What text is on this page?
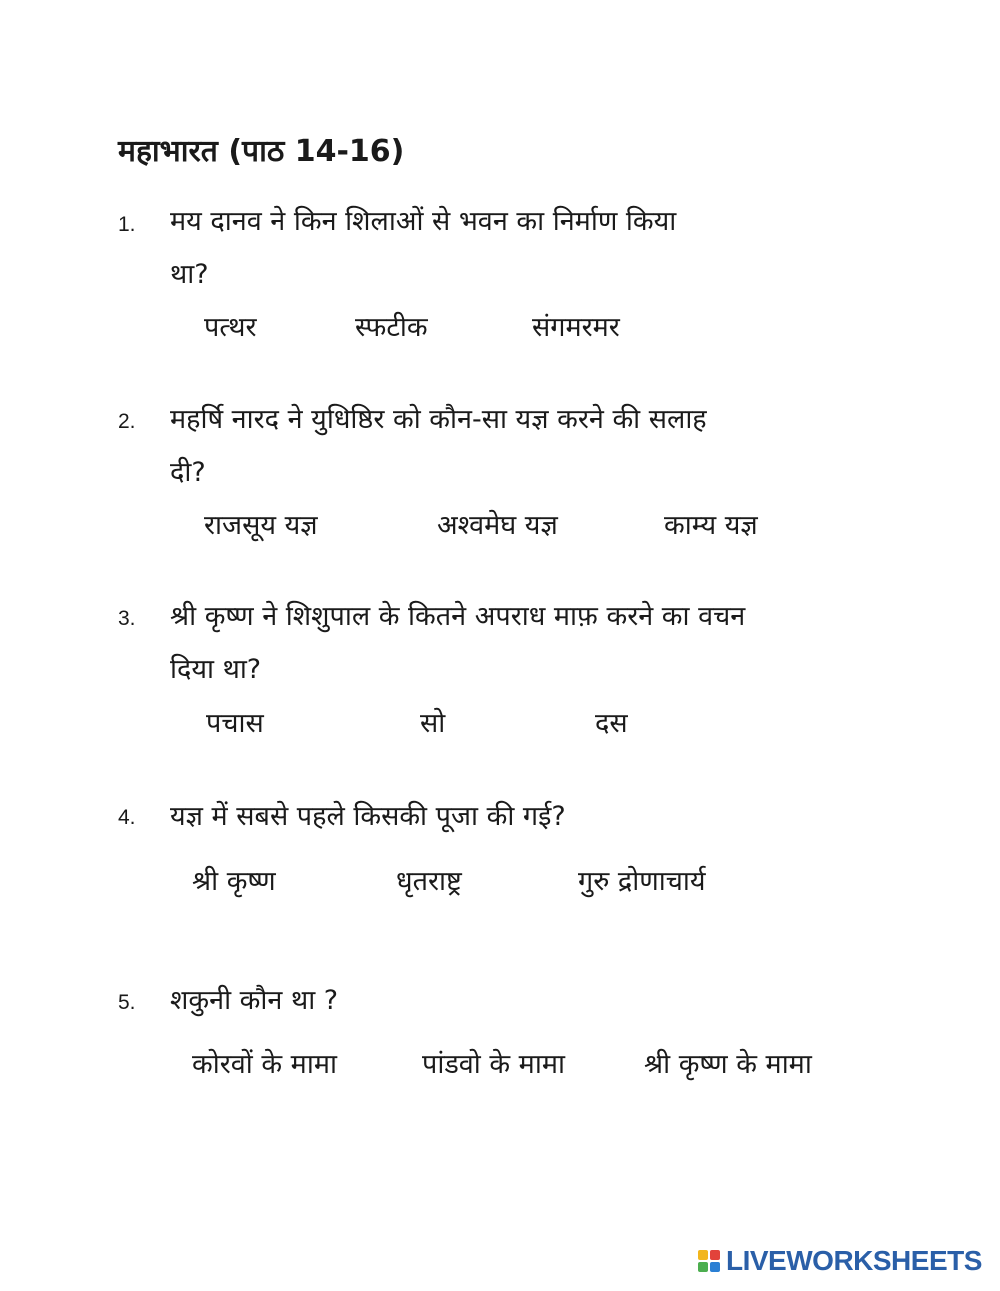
महाभारत (पाठ 14-16)
1. मय दानव ने किन शिलाओं से भवन का निर्माण किया
था?
पत्थर	स्फटीक	संगमरमर
2. महर्षि नारद ने युधिष्ठिर को कौन-सा यज्ञ करने की सलाह
दी?
राजसूय यज्ञ	अश्वमेघ यज्ञ	काम्य यज्ञ
3. श्री कृष्ण ने शिशुपाल के कितने अपराध माफ़ करने का वचन
दिया था?
पचास	सो	दस
4. यज्ञ में सबसे पहले किसकी पूजा की गई?
श्री कृष्ण	धृतराष्ट्र	गुरु द्रोणाचार्य
5. शकुनी कौन था ?
कोरवों के मामा	पांडवो के मामा	श्री कृष्ण के मामा
LIVEWORKSHEETS
